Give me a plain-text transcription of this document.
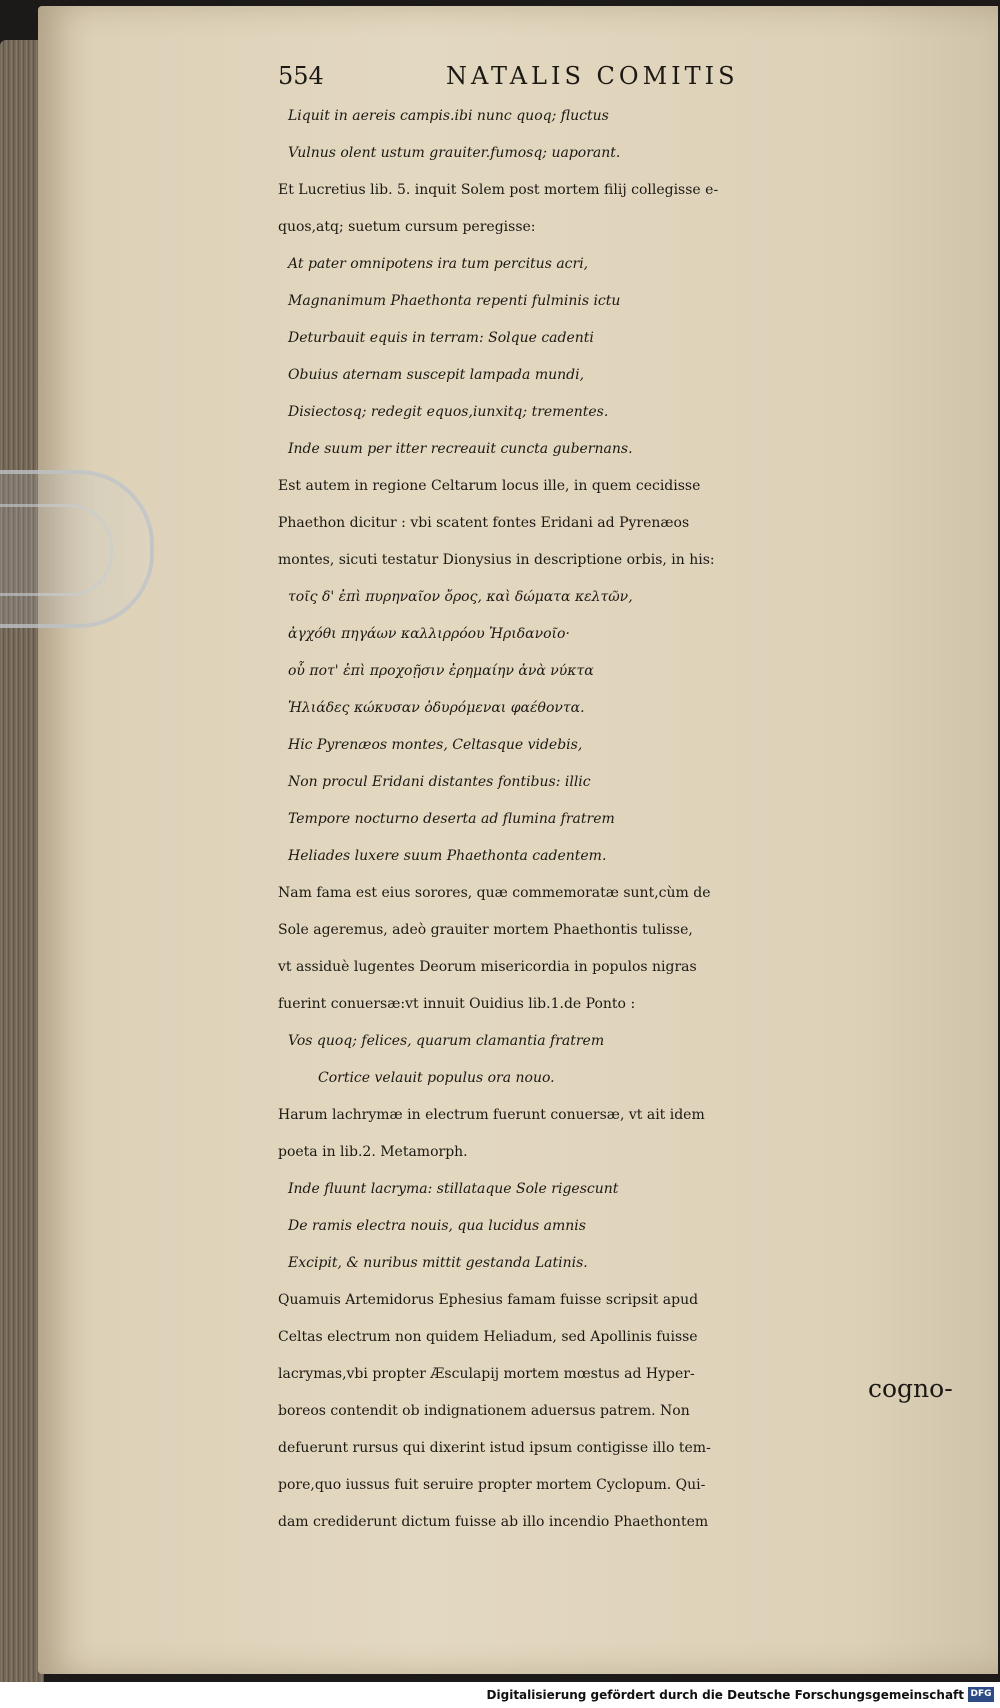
554	NATALIS COMITIS
Liquit in aereis campis.ibi nunc quoq; fluctus
Vulnus olent ustum grauiter.fumosq; uaporant.
Et Lucretius lib. 5. inquit Solem post mortem filij collegisse e-
quos,atq; suetum cursum peregisse:
At pater omnipotens ira tum percitus acri,
Magnanimum Phaethonta repenti fulminis ictu
Deturbauit equis in terram: Solque cadenti
Obuius aternam suscepit lampada mundi,
Disiectosq; redegit equos,iunxitq; trementes.
Inde suum per itter recreauit cuncta gubernans.
Est autem in regione Celtarum locus ille, in quem cecidisse
Phaethon dicitur : vbi scatent fontes Eridani ad Pyrenæos
montes, sicuti testatur Dionysius in descriptione orbis, in his:
τοῖς δ' ἐπὶ πυρηναῖον ὄρος, καὶ δώματα κελτῶν,
ἀγχόθι πηγάων καλλιρρόου Ἠριδανοῖο·
οὗ ποτ' ἐπὶ προχοῇσιν ἐρημαίην ἀνὰ νύκτα
Ἡλιάδες κώκυσαν ὀδυρόμεναι φαέθοντα.
Hic Pyrenæos montes, Celtasque videbis,
Non procul Eridani distantes fontibus: illic
Tempore nocturno deserta ad flumina fratrem
Heliades luxere suum Phaethonta cadentem.
Nam fama est eius sorores, quæ commemoratæ sunt,cùm de
Sole ageremus, adeò grauiter mortem Phaethontis tulisse,
vt assiduè lugentes Deorum misericordia in populos nigras
fuerint conuersæ:vt innuit Ouidius lib.1.de Ponto :
Vos quoq; felices, quarum clamantia fratrem
Cortice velauit populus ora nouo.
Harum lachrymæ in electrum fuerunt conuersæ, vt ait idem
poeta in lib.2. Metamorph.
Inde fluunt lacryma: stillataque Sole rigescunt
De ramis electra nouis, qua lucidus amnis
Excipit, & nuribus mittit gestanda Latinis.
Quamuis Artemidorus Ephesius famam fuisse scripsit apud
Celtas electrum non quidem Heliadum, sed Apollinis fuisse
lacrymas,vbi propter Æsculapij mortem mœstus ad Hyper-
boreos contendit ob indignationem aduersus patrem. Non
defuerunt rursus qui dixerint istud ipsum contigisse illo tem-
pore,quo iussus fuit seruire propter mortem Cyclopum. Qui-
dam crediderunt dictum fuisse ab illo incendio Phaethontem
cogno-
Digitalisierung gefördert durch die Deutsche Forschungsgemeinschaft DFG
